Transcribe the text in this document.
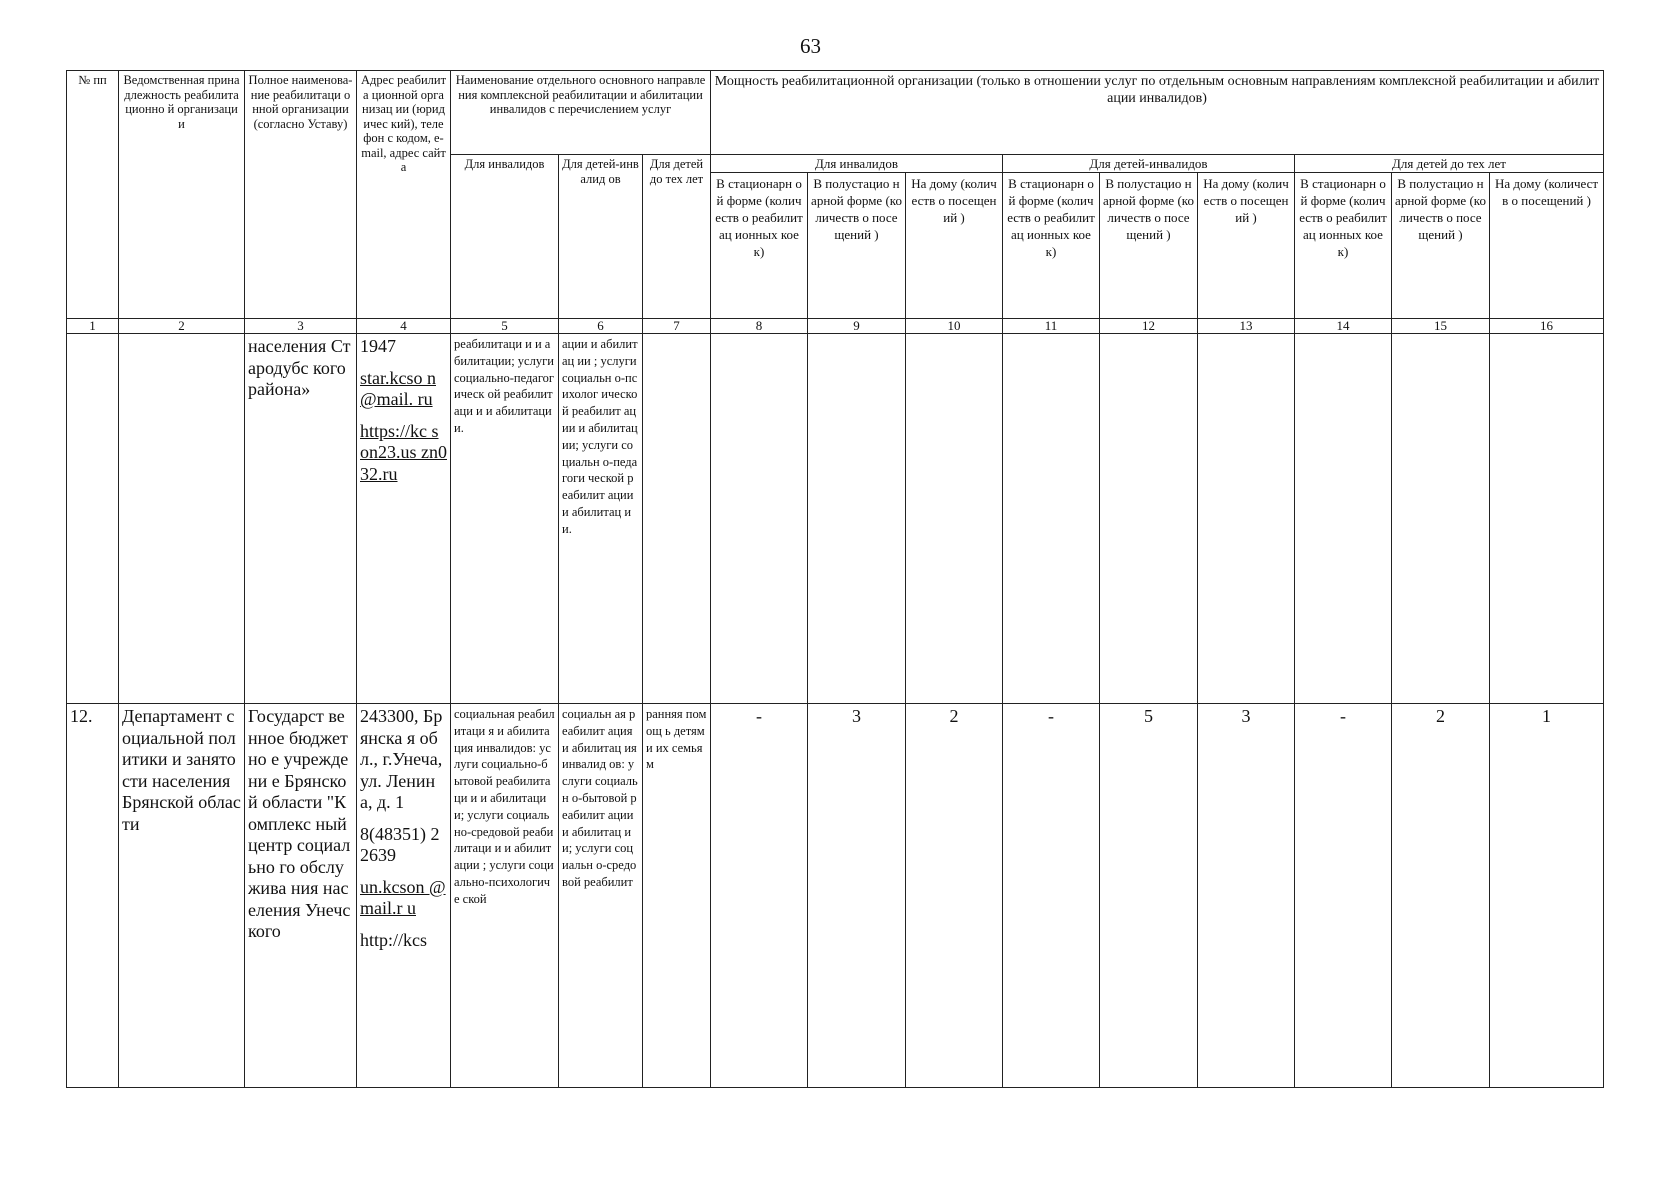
63
№ пп	Ведомственная принадлежность реабилитационно й организации	Полное наименова-ние реабилитаци онной организации (согласно Уставу)	Адрес реабилита ционной организац ии (юридичес кий), телефон с кодом, e-mail, адрес сайта	Наименование отдельного основного направления комплексной реабилитации и абилитации инвалидов с перечислением услуг			Мощность реабилитационной организации (только в отношении услуг по отдельным основным направлениям комплексной реабилитации и абилитации инвалидов)								
				Для инвалидов	Для детей-инвалид ов	Для детей до тех лет	Для инвалидов			Для детей-инвалидов			Для детей до тех лет		
							В стационарн ой форме (количеств о реабилитац ионных коек)	В полустацио нарной форме (количеств о посещений )	На дому (количеств о посещений )	В стационарн ой форме (количеств о реабилитац ионных коек)	В полустацио нарной форме (количеств о посещений )	На дому (количеств о посещений )	В стационарн ой форме (количеств о реабилитац ионных коек)	В полустацио нарной форме (количеств о посещений )	На дому (количеств о посещений )
1	2	3	4	5	6	7	8	9	10	11	12	13	14	15	16
		населения Стародубс кого района»	1947
star.kcso n@mail. ru
https://kc son23.us zn032.ru	реабилитаци и и абилитации; услуги социально-педагогическ ой реабилитаци и и абилитации.	ации и абилитац ии ; услуги социальн о-психолог ической реабилит ации и абилитац ии; услуги социальн о-педагоги ческой реабилит ации и абилитац ии.										
12.	Департамент социальной политики и занятости населения Брянской области	Государст венное бюджетно е учреждени е Брянской области "Комплекс ный центр социально го обслужива ния населения Унечского	243300, Брянска я обл., г.Унеча, ул. Ленина, д. 1
8(48351) 22639
un.kcson @mail.r u
http://kcs	социальная реабилитаци я и абилитация инвалидов: услуги социально-бытовой реабилитаци и и абилитации; услуги социально-средовой реабилитаци и и абилитации ; услуги социально-психологиче ской	социальн ая реабилит ация и абилитац ия инвалид ов: услуги социальн о-бытовой реабилит ации и абилитац ии; услуги социальн о-средовой реабилит	ранняя помощ ь детям и их семьям	-	3	2	-	5	3	-	2	1
